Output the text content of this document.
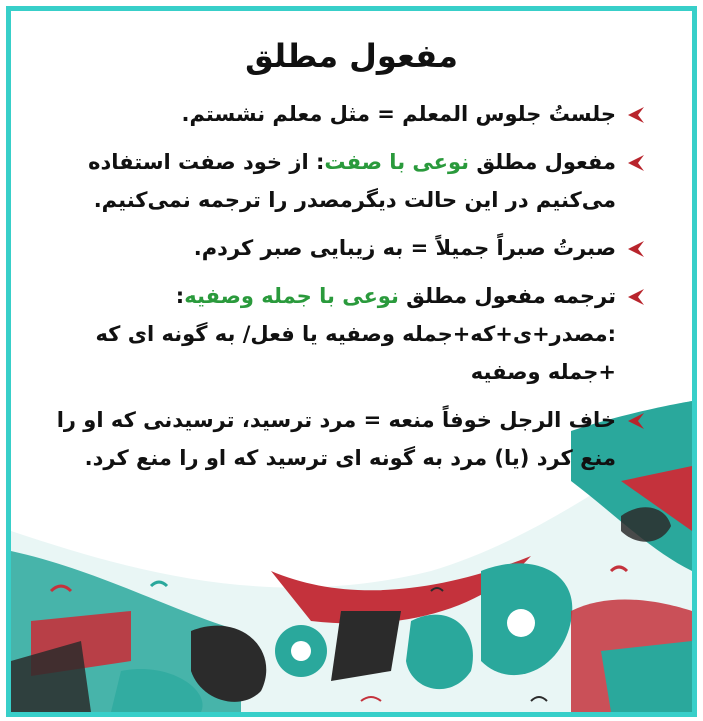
مفعول مطلق
جلستُ جلوس المعلم = مثل معلم نشستم.
مفعول مطلق نوعی با صفت: از خود صفت استفاده می‌کنیم در این حالت دیگرمصدر را ترجمه نمی‌کنیم.
صبرتُ صبراً جمیلاً = به زیبایی صبر کردم.
ترجمه مفعول مطلق نوعی با جمله وصفیه: :مصدر+ی+که+جمله وصفیه یا فعل/ به گونه ای که +جمله وصفیه
خاف الرجل خوفاً منعه = مرد ترسید، ترسیدنی که او را منع کرد (یا) مرد به گونه ای ترسید که او را منع کرد.
